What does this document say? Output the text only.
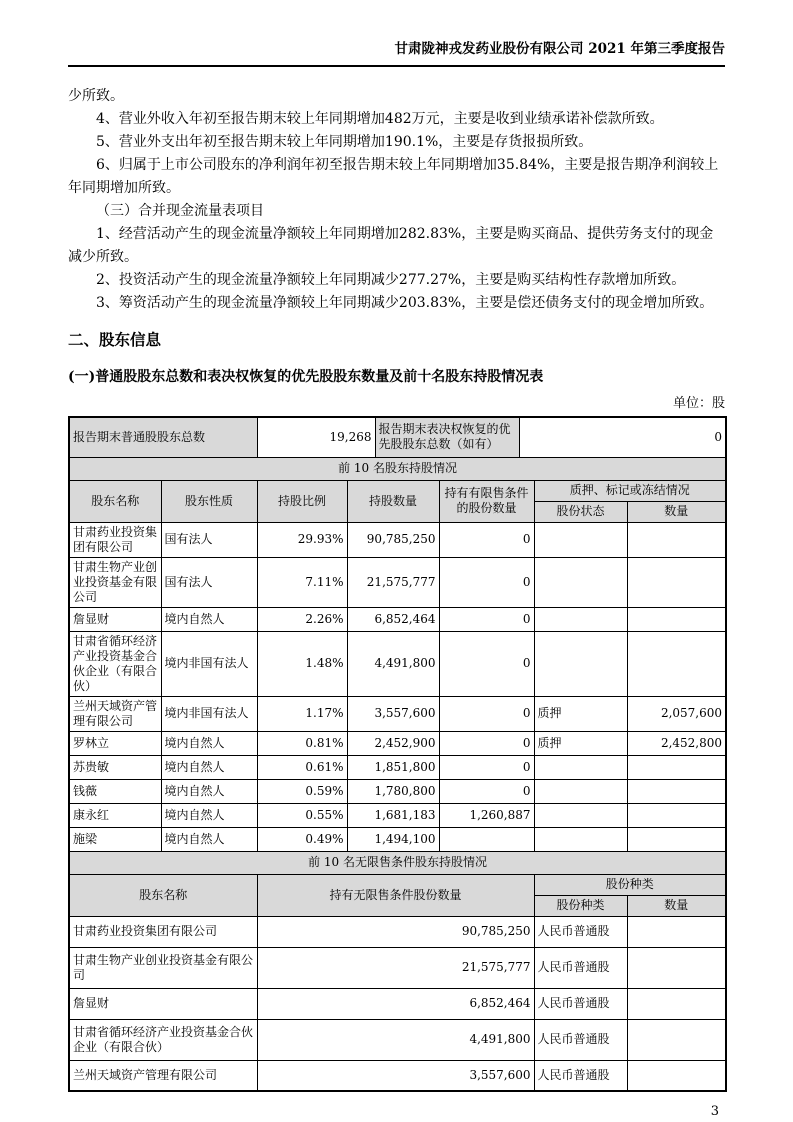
甘肃陇神戎发药业股份有限公司 2021 年第三季度报告

少所致。

4、营业外收入年初至报告期末较上年同期增加482万元，主要是收到业绩承诺补偿款所致。

5、营业外支出年初至报告期末较上年同期增加190.1%，主要是存货报损所致。

6、归属于上市公司股东的净利润年初至报告期末较上年同期增加35.84%，主要是报告期净利润较上年同期增加所致。

（三）合并现金流量表项目

1、经营活动产生的现金流量净额较上年同期增加282.83%，主要是购买商品、提供劳务支付的现金减少所致。

2、投资活动产生的现金流量净额较上年同期减少277.27%，主要是购买结构性存款增加所致。

3、筹资活动产生的现金流量净额较上年同期减少203.83%，主要是偿还债务支付的现金增加所致。

二、股东信息
(一)普通股股东总数和表决权恢复的优先股股东数量及前十名股东持股情况表
单位：股
报告期末普通股股东总数		19,268		报告期末表决权恢复的优先股股东总数（如有）		0		
前 10 名股东持股情况								
股东名称	股东性质	持股比例	持股数量		持有有限售条件的股份数量		质押、标记或冻结情况	
							股份状态	数量
甘肃药业投资集团有限公司	国有法人	29.93%	90,785,250		0			
甘肃生物产业创业投资基金有限公司	国有法人	7.11%	21,575,777		0			
詹显财	境内自然人	2.26%	6,852,464		0			
甘肃省循环经济产业投资基金合伙企业（有限合伙）	境内非国有法人	1.48%	4,491,800		0			
兰州天域资产管理有限公司	境内非国有法人	1.17%	3,557,600		0		质押	2,057,600
罗林立	境内自然人	0.81%	2,452,900		0		质押	2,452,800
苏贵敏	境内自然人	0.61%	1,851,800		0			
钱薇	境内自然人	0.59%	1,780,800		0			
康永红	境内自然人	0.55%	1,681,183		1,260,887			
施梁	境内自然人	0.49%	1,494,100					
前 10 名无限售条件股东持股情况								
股东名称		持有无限售条件股份数量					股份种类	
							股份种类	数量
甘肃药业投资集团有限公司		90,785,250					人民币普通股	
甘肃生物产业创业投资基金有限公司		21,575,777					人民币普通股	
詹显财		6,852,464					人民币普通股	
甘肃省循环经济产业投资基金合伙企业（有限合伙）		4,491,800					人民币普通股	
兰州天域资产管理有限公司		3,557,600					人民币普通股	
3
